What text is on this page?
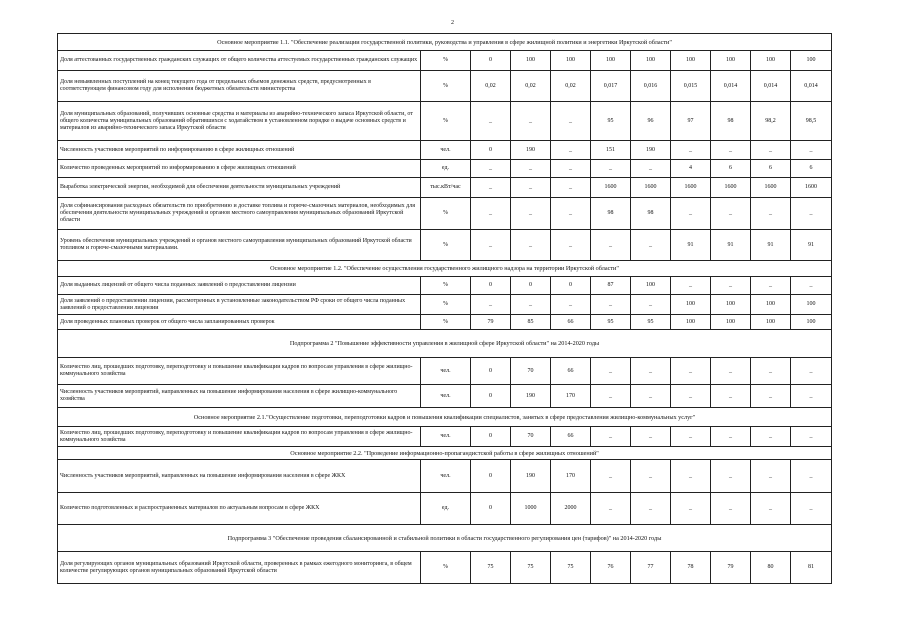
2
Основное мероприятие 1.1. "Обеспечение реализации государственной политики, руководства и управления в сфере жилищной политики и энергетики Иркутской области"										
Доля аттестованных государственных гражданских служащих от общего количества аттестуемых государственных гражданских служащих	%	0	100	100	100	100	100	100	100	100
Доля невыявленных поступлений на конец текущего года от предельных объемов денежных средств, предусмотренных в соответствующем финансовом году для исполнения бюджетных обязательств министерства	%	0,02	0,02	0,02	0,017	0,016	0,015	0,014	0,014	0,014
Доля муниципальных образований, получивших основные средства и материалы из аварийно-технического запаса Иркутской области, от общего количества муниципальных образований обратившихся с ходатайством в установленном порядке о выдаче основных средств и материалов из аварийно-технического запаса Иркутской области	%	_	_	_	95	96	97	98	98,2	98,5
Численность участников мероприятий по информированию в сфере жилищных отношений	чел.	0	190	_	151	190	_	_	_	_
Количество проведенных мероприятий по информированию в сфере жилищных отношений	ед.	_	_	_	_	_	4	6	6	6
Выработка электрической энергии, необходимой для обеспечения деятельности муниципальных учреждений	тыс.кВт/час	_	_	_	1600	1600	1600	1600	1600	1600
Доля софинансирования расходных обязательств по приобретению и доставке топлива и горюче-смазочных материалов, необходимых для обеспечения деятельности муниципальных учреждений и органов местного самоуправления муниципальных образований Иркутской области	%	_	_	_	98	98	_	_	_	_
Уровень обеспечения муниципальных учреждений и органов местного самоуправления муниципальных образований Иркутской области топливом и горюче-смазочными материалами.	%	_	_	_	_	_	91	91	91	91
Основное мероприятие 1.2. "Обеспечение осуществления государственного жилищного надзора на территории Иркутской области"										
Доля выданных лицензий от общего числа поданных заявлений о предоставлении лицензии	%	0	0	0	87	100	_	_	_	_
Доля заявлений о предоставлении лицензии, рассмотренных в установленные законодательством РФ сроки от общего числа поданных заявлений о предоставлении лицензии	%	_	_	_	_	_	100	100	100	100
Доля проведенных плановых проверок от общего числа запланированных проверок	%	79	85	66	95	95	100	100	100	100
Подпрограмма 2 "Повышение эффективности управления в жилищной сфере Иркутской области" на 2014-2020 годы										
Количество лиц, прошедших подготовку, переподготовку и повышение квалификации кадров по вопросам управления в сфере жилищно-коммунального хозяйства	чел.	0	70	66	_	_	_	_	_	_
Численность участников мероприятий, направленных на повышение информирования населения в сфере жилищно-коммунального хозяйства	чел.	0	190	170	_	_	_	_	_	_
Основное мероприятие 2.1."Осуществление подготовки, переподготовки кадров и повышения квалификации специалистов, занятых в сфере предоставления жилищно-коммунальных услуг"										
Количество лиц, прошедших подготовку, переподготовку и повышение квалификации кадров по вопросам управления в сфере жилищно-коммунального хозяйства	чел.	0	70	66	_	_	_	_	_	_
Основное мероприятие 2.2. "Проведение информационно-пропагандистской работы в сфере жилищных отношений"										
Численность участников мероприятий, направленных на повышение информирования населения в сфере ЖКХ	чел.	0	190	170	_	_	_	_	_	_
Количество подготовленных и распространенных материалов по актуальным вопросам в сфере ЖКХ	ед.	0	1000	2000	_	_	_	_	_	_
Подпрограмма 3 "Обеспечение проведения сбалансированной и стабильной политики в области государственного регулирования цен (тарифов)" на 2014-2020 годы										
Доля регулирующих органов муниципальных образований Иркутской области, проверенных в рамках ежегодного мониторинга, в общем количестве регулирующих органов муниципальных образований Иркутской области	%	75	75	75	76	77	78	79	80	81
